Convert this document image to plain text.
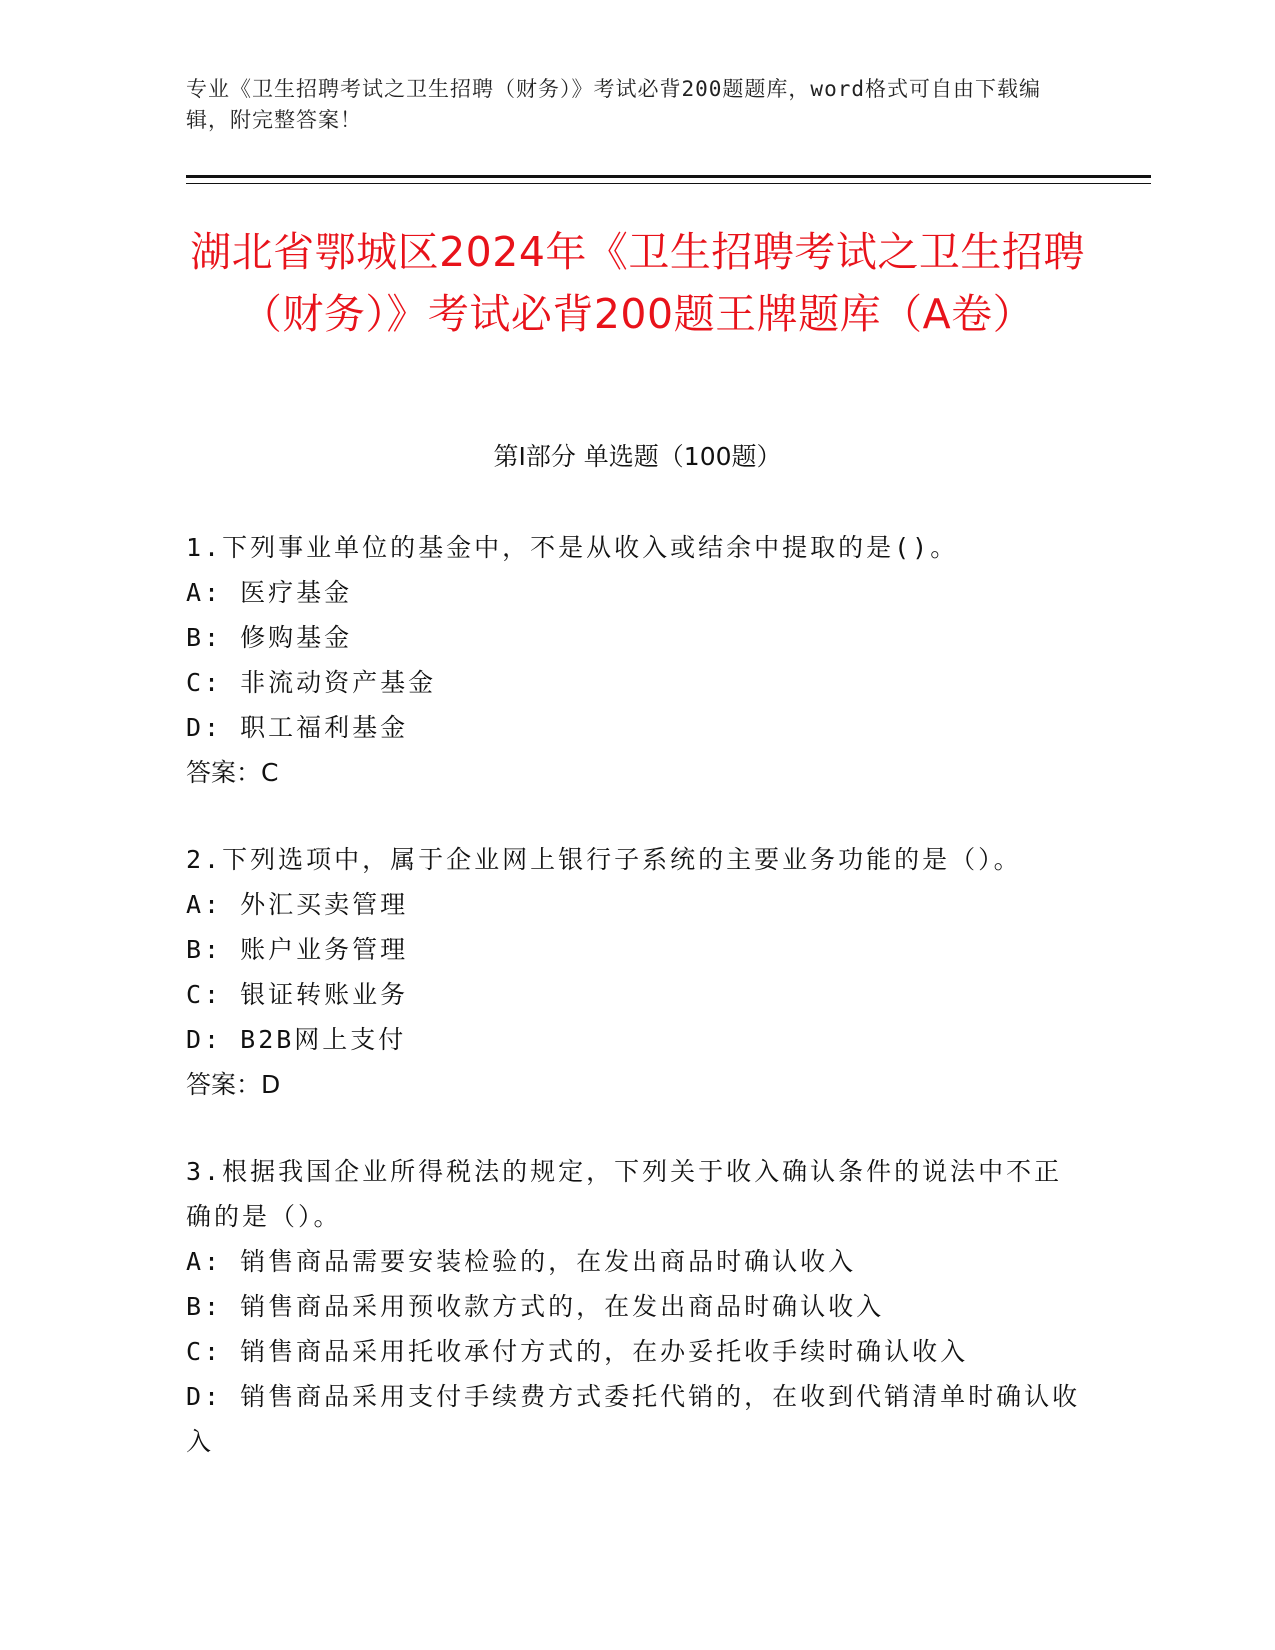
专业《卫生招聘考试之卫生招聘（财务）》考试必背200题题库，word格式可自由下载编辑，附完整答案！
湖北省鄂城区2024年《卫生招聘考试之卫生招聘（财务）》考试必背200题王牌题库（A卷）
第Ⅰ部分 单选题（100题）
1.下列事业单位的基金中，不是从收入或结余中提取的是()。
A: 医疗基金
B: 修购基金
C: 非流动资产基金
D: 职工福利基金
答案：C
2.下列选项中，属于企业网上银行子系统的主要业务功能的是（）。
A: 外汇买卖管理
B: 账户业务管理
C: 银证转账业务
D: B2B网上支付
答案：D
3.根据我国企业所得税法的规定，下列关于收入确认条件的说法中不正确的是（）。
A: 销售商品需要安装检验的，在发出商品时确认收入
B: 销售商品采用预收款方式的，在发出商品时确认收入
C: 销售商品采用托收承付方式的，在办妥托收手续时确认收入
D: 销售商品采用支付手续费方式委托代销的，在收到代销清单时确认收入
